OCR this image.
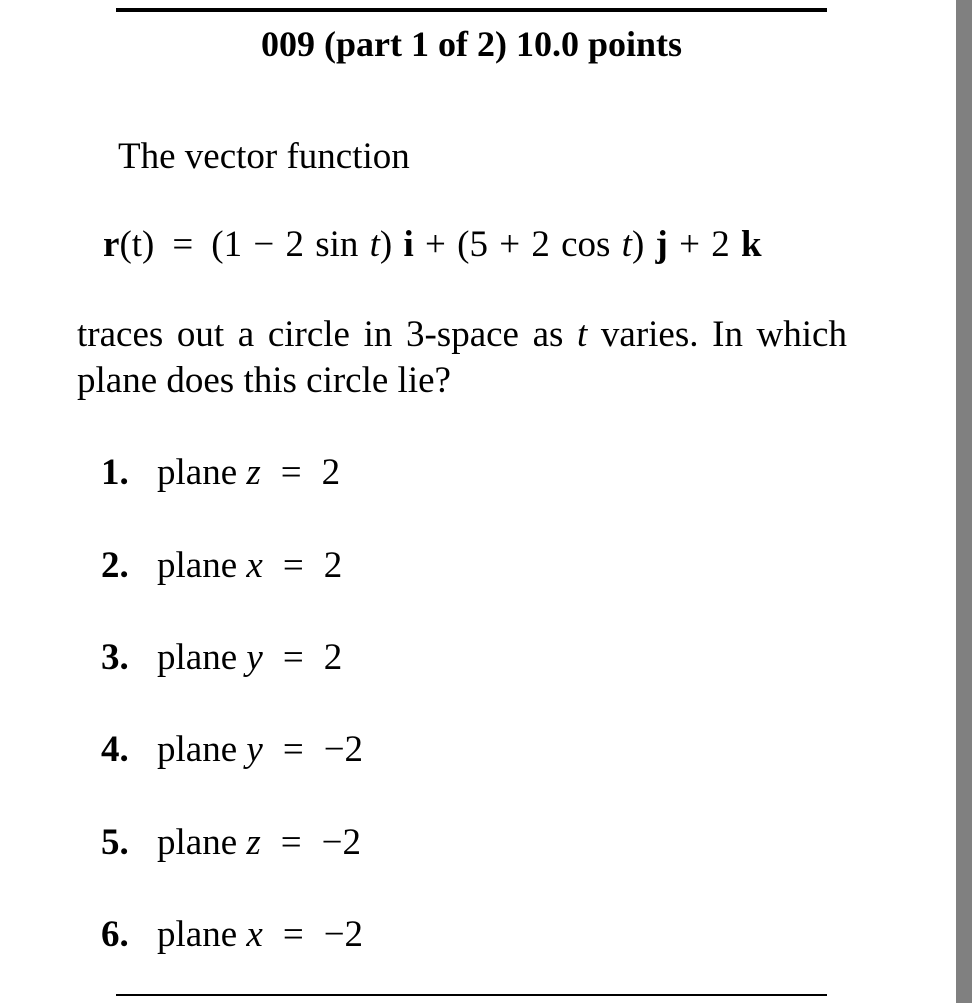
009 (part 1 of 2) 10.0 points
The vector function
r(t) = (1 − 2 sin t) i + (5 + 2 cos t) j + 2 k
traces out a circle in 3-space as t varies. In which plane does this circle lie?
1. plane z = 2
2. plane x = 2
3. plane y = 2
4. plane y = −2
5. plane z = −2
6. plane x = −2
